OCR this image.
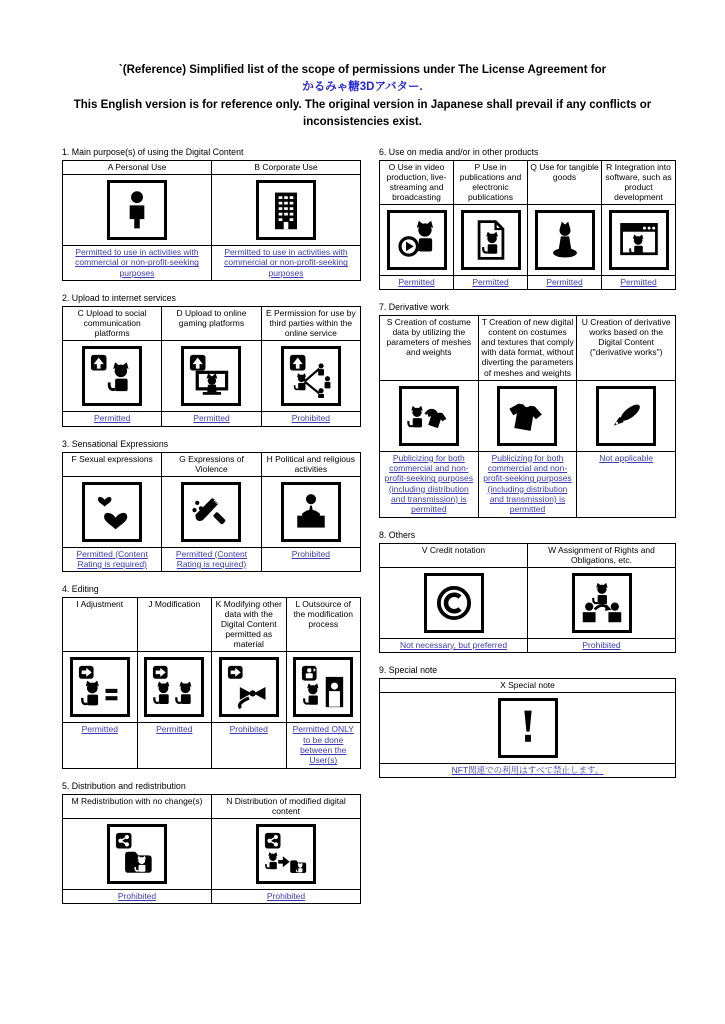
`(Reference) Simplified list of the scope of permissions under The License Agreement for
かるみゃ糖3Dアバター.
This English version is for reference only. The original version in Japanese shall prevail if any conflicts or inconsistencies exist.
1. Main purpose(s) of using the Digital Content
A Personal Use	B Corporate Use

Permitted to use in activities with commercial or non-profit-seeking purposes	Permitted to use in activities with commercial or non-profit-seeking purposes
2. Upload to internet services
C Upload to social communication platforms	D Upload to online gaming platforms	E Permission for use by third parties within the online service

Permitted	Permitted	Prohibited
3. Sensational Expressions
F Sexual expressions	G Expressions of Violence	H Political and religious activities

Permitted (Content Rating is required)	Permitted (Content Rating is required)	Prohibited
4. Editing
I Adjustment	J Modification	K Modifying other data with the Digital Content permitted as material	L Outsource of the modification process

Permitted	Permitted	Prohibited	Permitted ONLY to be done between the User(s)
5. Distribution and redistribution
M Redistribution with no change(s)	N Distribution of modified digital content

Prohibited	Prohibited
6. Use on media and/or in other products
O Use in video production, live-streaming and broadcasting	P Use in publications and electronic publications	Q Use for tangible goods	R Integration into software, such as product development

Permitted	Permitted	Permitted	Permitted
7. Derivative work
S Creation of costume data by utilizing the parameters of meshes and weights	T Creation of new digital content on costumes and textures that comply with data format, without diverting the parameters of meshes and weights	U Creation of derivative works based on the Digital Content ("derivative works")

Publicizing for both commercial and non-profit-seeking purposes (including distribution and transmission) is permitted	Publicizing for both commercial and non-profit-seeking purposes (including distribution and transmission) is permitted	Not applicable
8. Others
V Credit notation	W Assignment of Rights and Obligations, etc.

Not necessary, but preferred	Prohibited
9. Special note
X Special note

NFT関連での利用はすべて禁止します。
